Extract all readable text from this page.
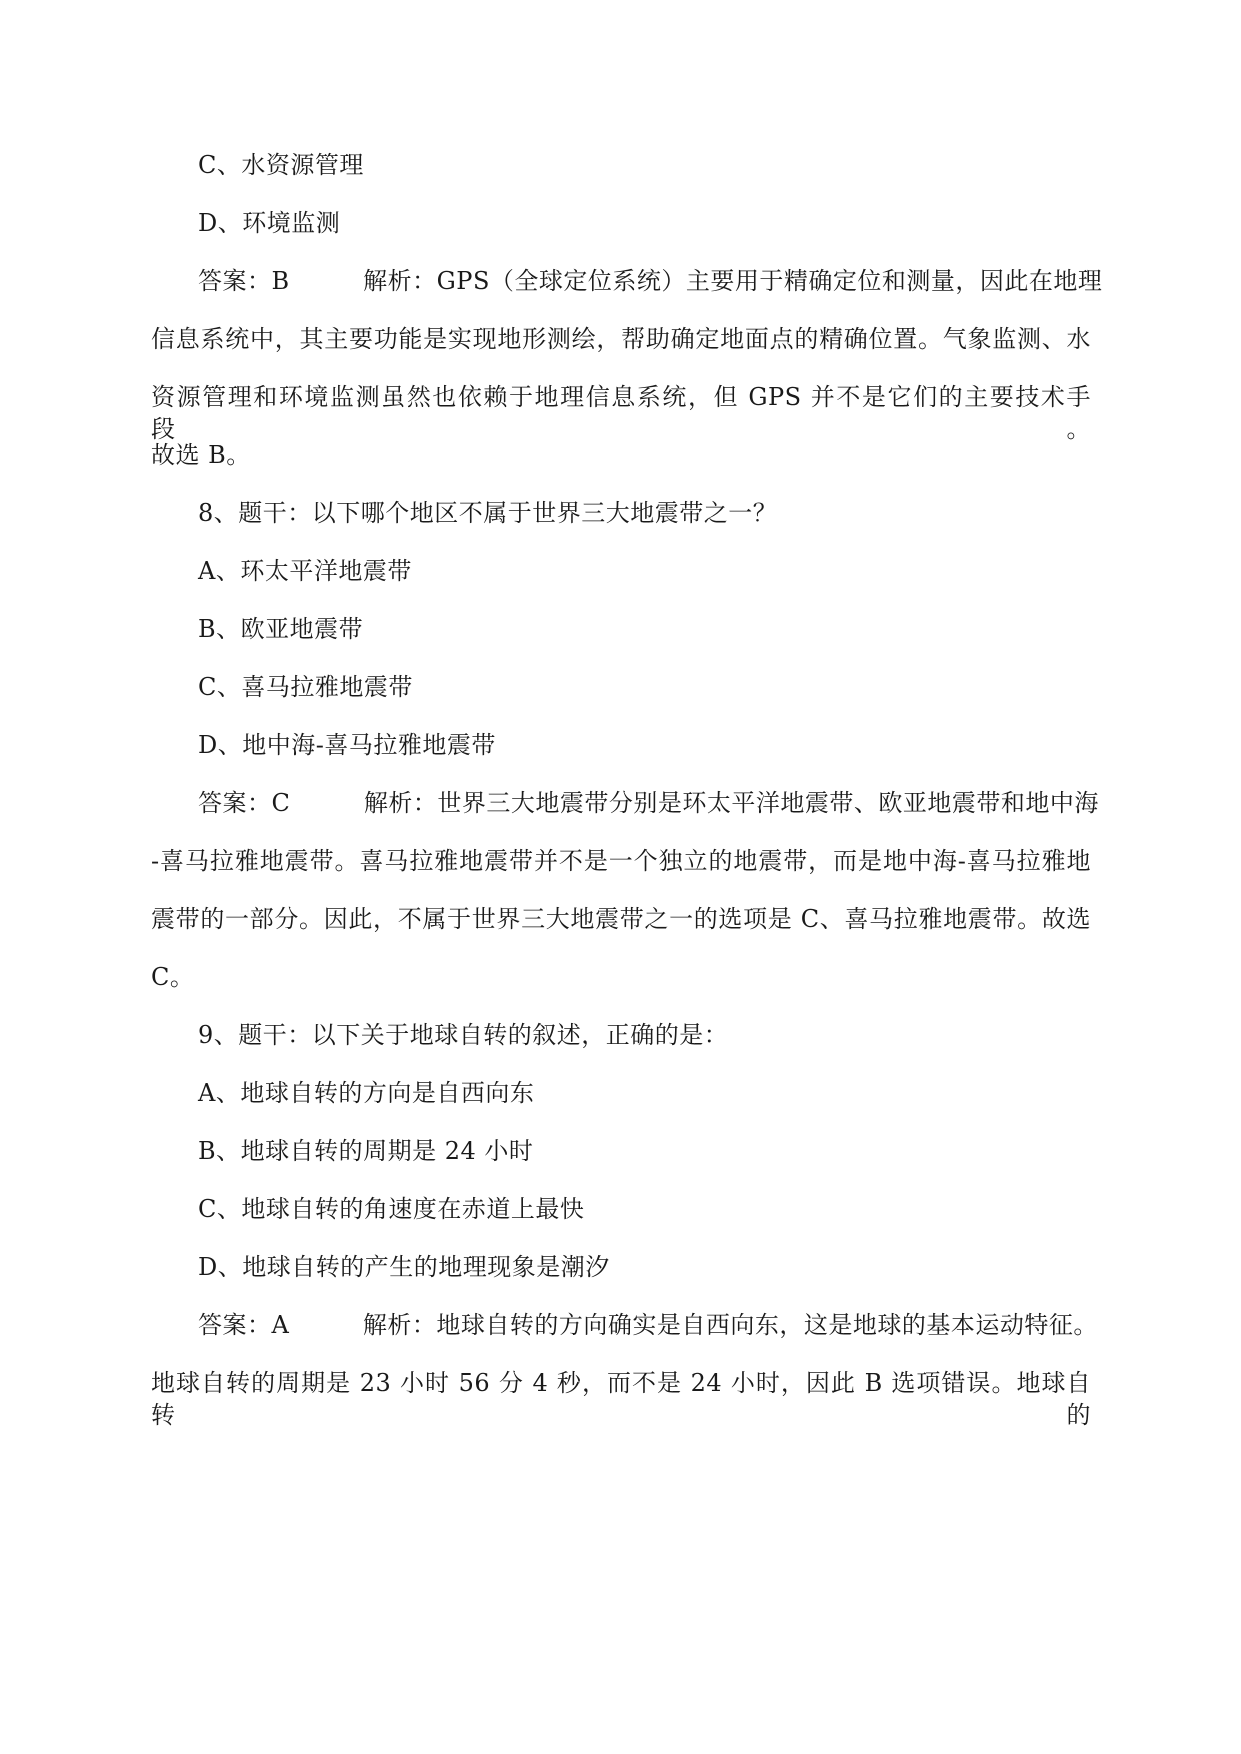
C、水资源管理
D、环境监测
答案：B　　　解析：GPS（全球定位系统）主要用于精确定位和测量，因此在地理
信息系统中，其主要功能是实现地形测绘，帮助确定地面点的精确位置。气象监测、水
资源管理和环境监测虽然也依赖于地理信息系统，但 GPS 并不是它们的主要技术手段。
故选 B。
8、题干：以下哪个地区不属于世界三大地震带之一？
A、环太平洋地震带
B、欧亚地震带
C、喜马拉雅地震带
D、地中海-喜马拉雅地震带
答案：C　　　解析：世界三大地震带分别是环太平洋地震带、欧亚地震带和地中海
-喜马拉雅地震带。喜马拉雅地震带并不是一个独立的地震带，而是地中海-喜马拉雅地
震带的一部分。因此，不属于世界三大地震带之一的选项是 C、喜马拉雅地震带。故选
C。
9、题干：以下关于地球自转的叙述，正确的是：
A、地球自转的方向是自西向东
B、地球自转的周期是 24 小时
C、地球自转的角速度在赤道上最快
D、地球自转的产生的地理现象是潮汐
答案：A　　　解析：地球自转的方向确实是自西向东，这是地球的基本运动特征。
地球自转的周期是 23 小时 56 分 4 秒，而不是 24 小时，因此 B 选项错误。地球自转的
